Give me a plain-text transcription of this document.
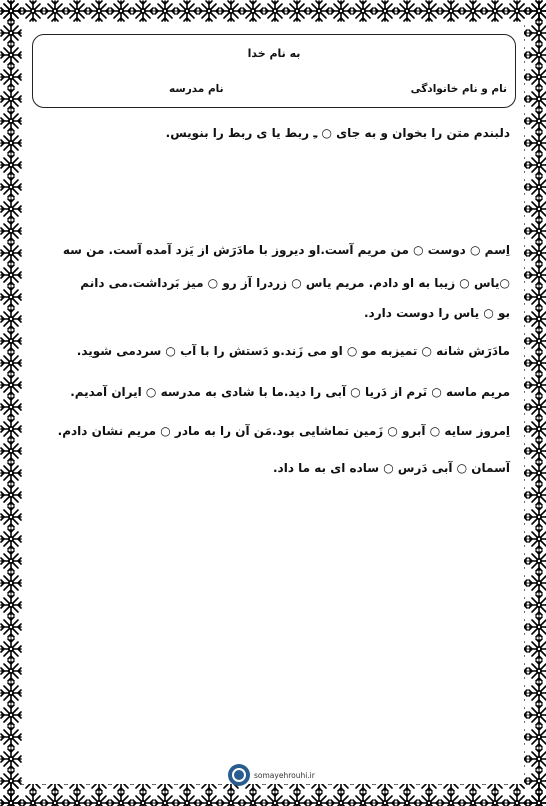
به نام خدا
نام و نام خانوادگی
نام مدرسه
دلبندم متن را بخوان و به جای ○ ـِ ربط یا ی ربط را بنویس.
اِسم ○ دوست ○ من مریم آست.او دیروز با مادَرَش از یَزد آمده آست. من سه
○یاس ○ زیبا به او دادم. مریم یاس ○ زردرا آز رو ○ میز بَرداشت.می دانم
بو ○ یاس را دوست دارد.
مادَرَش شانه ○ تمیزبه مو ○ او می زَند.و دَستش را با آب ○ سردمی شوید.
مریم ماسه ○ نَرم از دَریا ○ آبی را دید.ما با شادی به مدرسه ○ ایران آمدیم.
اِمروز سایه ○ آبرو ○ زَمین تماشایی بود.مَن آن را به مادر ○ مریم نشان دادم.
آسمان ○ آبی دَرس ○ ساده ای به ما داد.
somayehrouhi.ir
